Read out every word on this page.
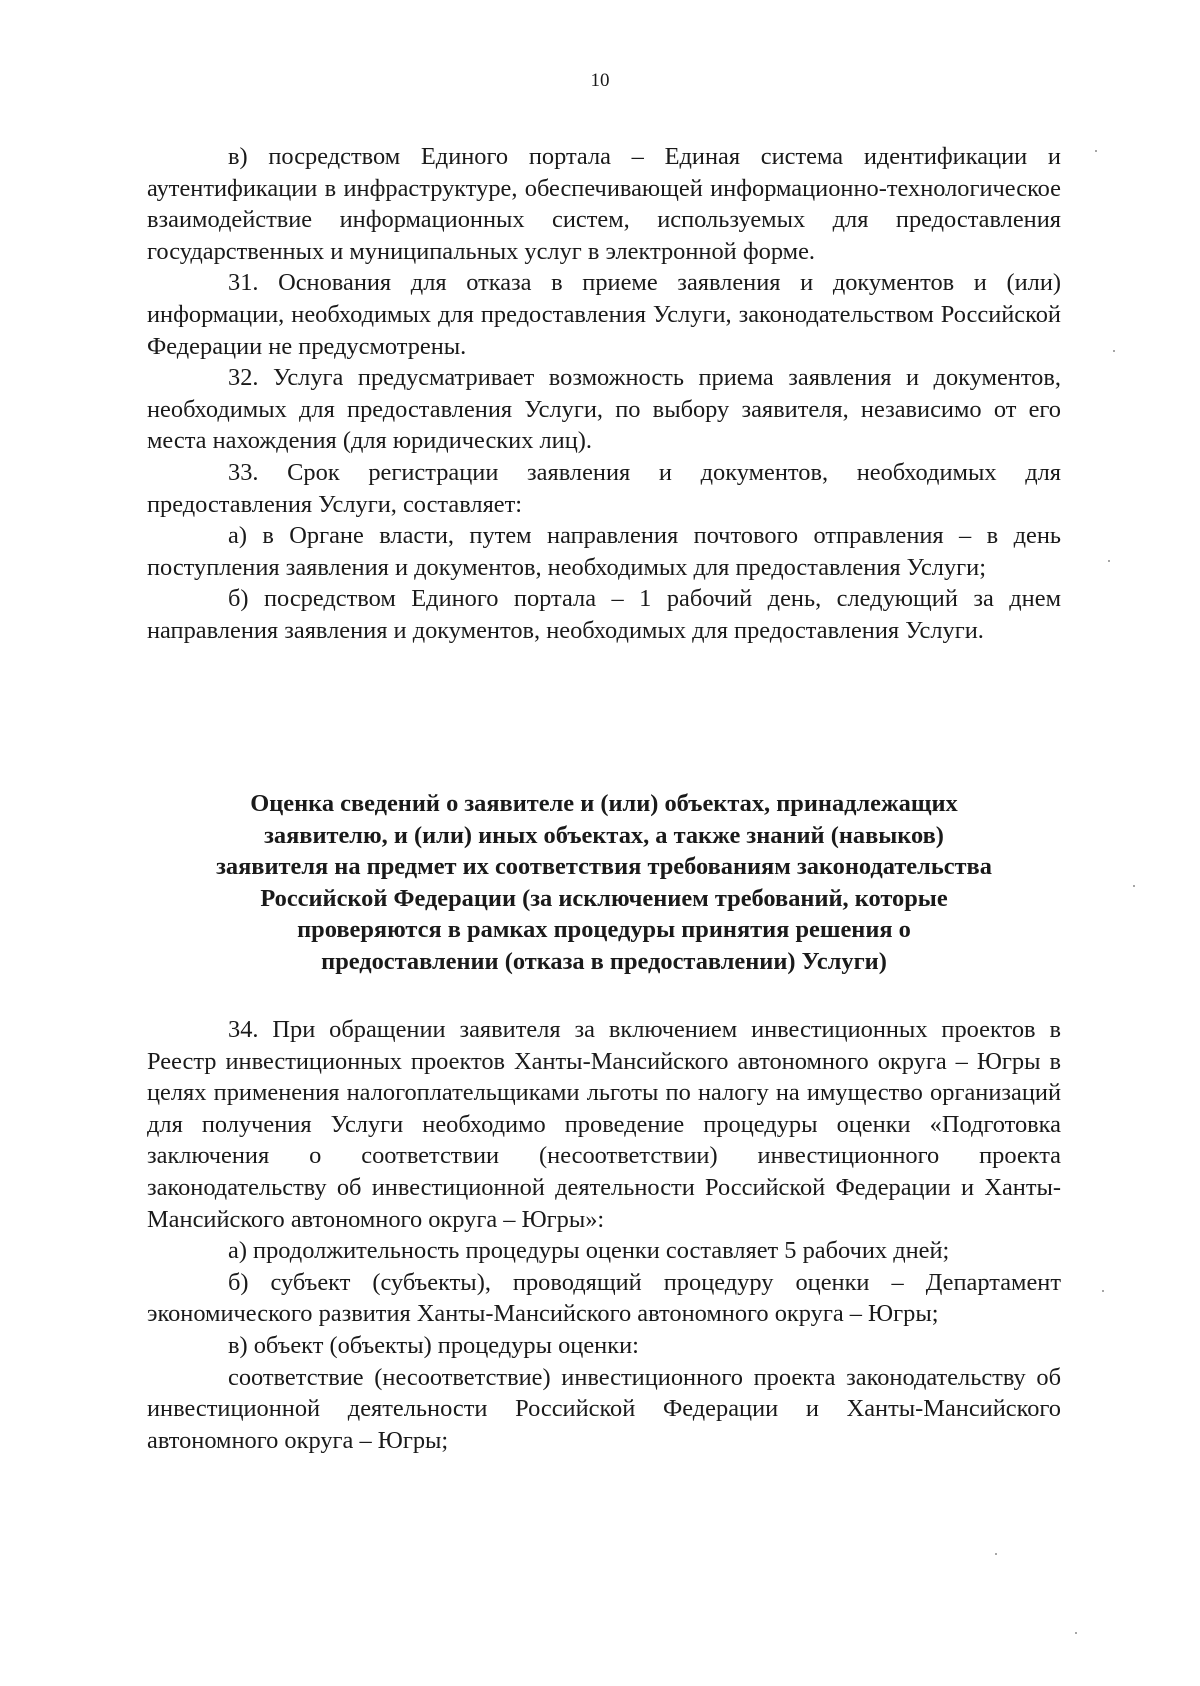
10

в) посредством Единого портала – Единая система идентификации и аутентификации в инфраструктуре, обеспечивающей информационно-технологическое взаимодействие информационных систем, используемых для предоставления государственных и муниципальных услуг в электронной форме.

31. Основания для отказа в приеме заявления и документов и (или) информации, необходимых для предоставления Услуги, законодательством Российской Федерации не предусмотрены.

32. Услуга предусматривает возможность приема заявления и документов, необходимых для предоставления Услуги, по выбору заявителя, независимо от его места нахождения (для юридических лиц).

33. Срок регистрации заявления и документов, необходимых для предоставления Услуги, составляет:

а) в Органе власти, путем направления почтового отправления – в день поступления заявления и документов, необходимых для предоставления Услуги;

б) посредством Единого портала – 1 рабочий день, следующий за днем направления заявления и документов, необходимых для предоставления Услуги.

Оценка сведений о заявителе и (или) объектах, принадлежащих
заявителю, и (или) иных объектах, а также знаний (навыков)
заявителя на предмет их соответствия требованиям законодательства
Российской Федерации (за исключением требований, которые
проверяются в рамках процедуры принятия решения о
предоставлении (отказа в предоставлении) Услуги)

34. При обращении заявителя за включением инвестиционных проектов в Реестр инвестиционных проектов Ханты-Мансийского автономного округа – Югры в целях применения налогоплательщиками льготы по налогу на имущество организаций для получения Услуги необходимо проведение процедуры оценки «Подготовка заключения о соответствии (несоответствии) инвестиционного проекта законодательству об инвестиционной деятельности Российской Федерации и Ханты-Мансийского автономного округа – Югры»:

а) продолжительность процедуры оценки составляет 5 рабочих дней;

б) субъект (субъекты), проводящий процедуру оценки – Департамент экономического развития Ханты-Мансийского автономного округа – Югры;

в) объект (объекты) процедуры оценки:

соответствие (несоответствие) инвестиционного проекта законодательству об инвестиционной деятельности Российской Федерации и Ханты-Мансийского автономного округа – Югры;
